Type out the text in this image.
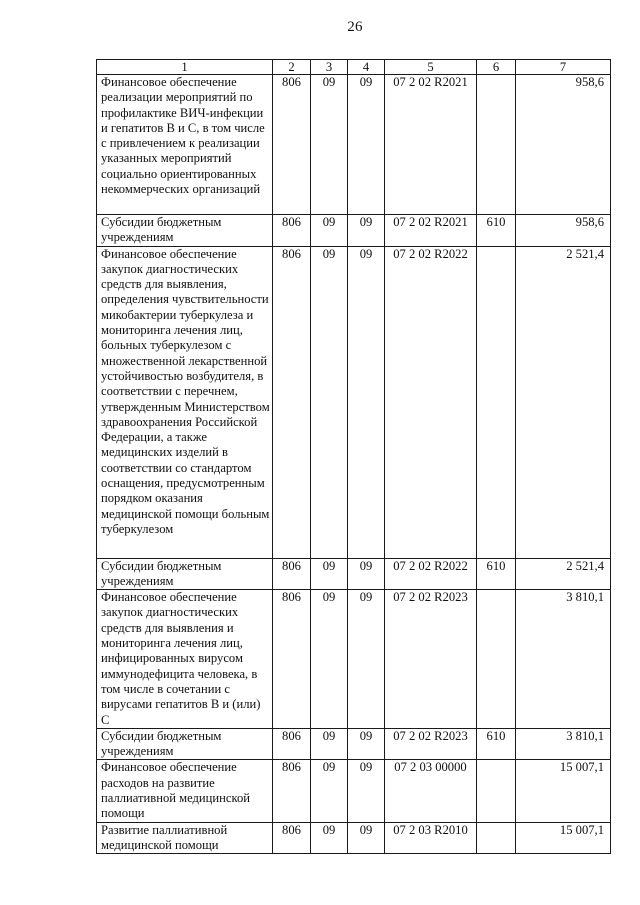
26
1	2	3	4	5	6	7
Финансовое обеспечение реализации мероприятий по профилактике ВИЧ-инфекции и гепатитов В и С, в том числе с привлечением к реализации указанных мероприятий социально ориентированных некоммерческих организаций	806	09	09	07 2 02 R2021		958,6
Субсидии бюджетным учреждениям	806	09	09	07 2 02 R2021	610	958,6
Финансовое обеспечение закупок диагностических средств для выявления, определения чувствительности микобактерии туберкулеза и мониторинга лечения лиц, больных туберкулезом с множественной лекарственной устойчивостью возбудителя, в соответствии с перечнем, утвержденным Министерством здравоохранения Российской Федерации, а также медицинских изделий в соответствии со стандартом оснащения, предусмотренным порядком оказания медицинской помощи больным туберкулезом	806	09	09	07 2 02 R2022		2 521,4
Субсидии бюджетным учреждениям	806	09	09	07 2 02 R2022	610	2 521,4
Финансовое обеспечение закупок диагностических средств для выявления и мониторинга лечения лиц, инфицированных вирусом иммунодефицита человека, в том числе в сочетании с вирусами гепатитов В и (или) С	806	09	09	07 2 02 R2023		3 810,1
Субсидии бюджетным учреждениям	806	09	09	07 2 02 R2023	610	3 810,1
Финансовое обеспечение расходов на развитие паллиативной медицинской помощи	806	09	09	07 2 03 00000		15 007,1
Развитие паллиативной медицинской помощи	806	09	09	07 2 03 R2010		15 007,1
